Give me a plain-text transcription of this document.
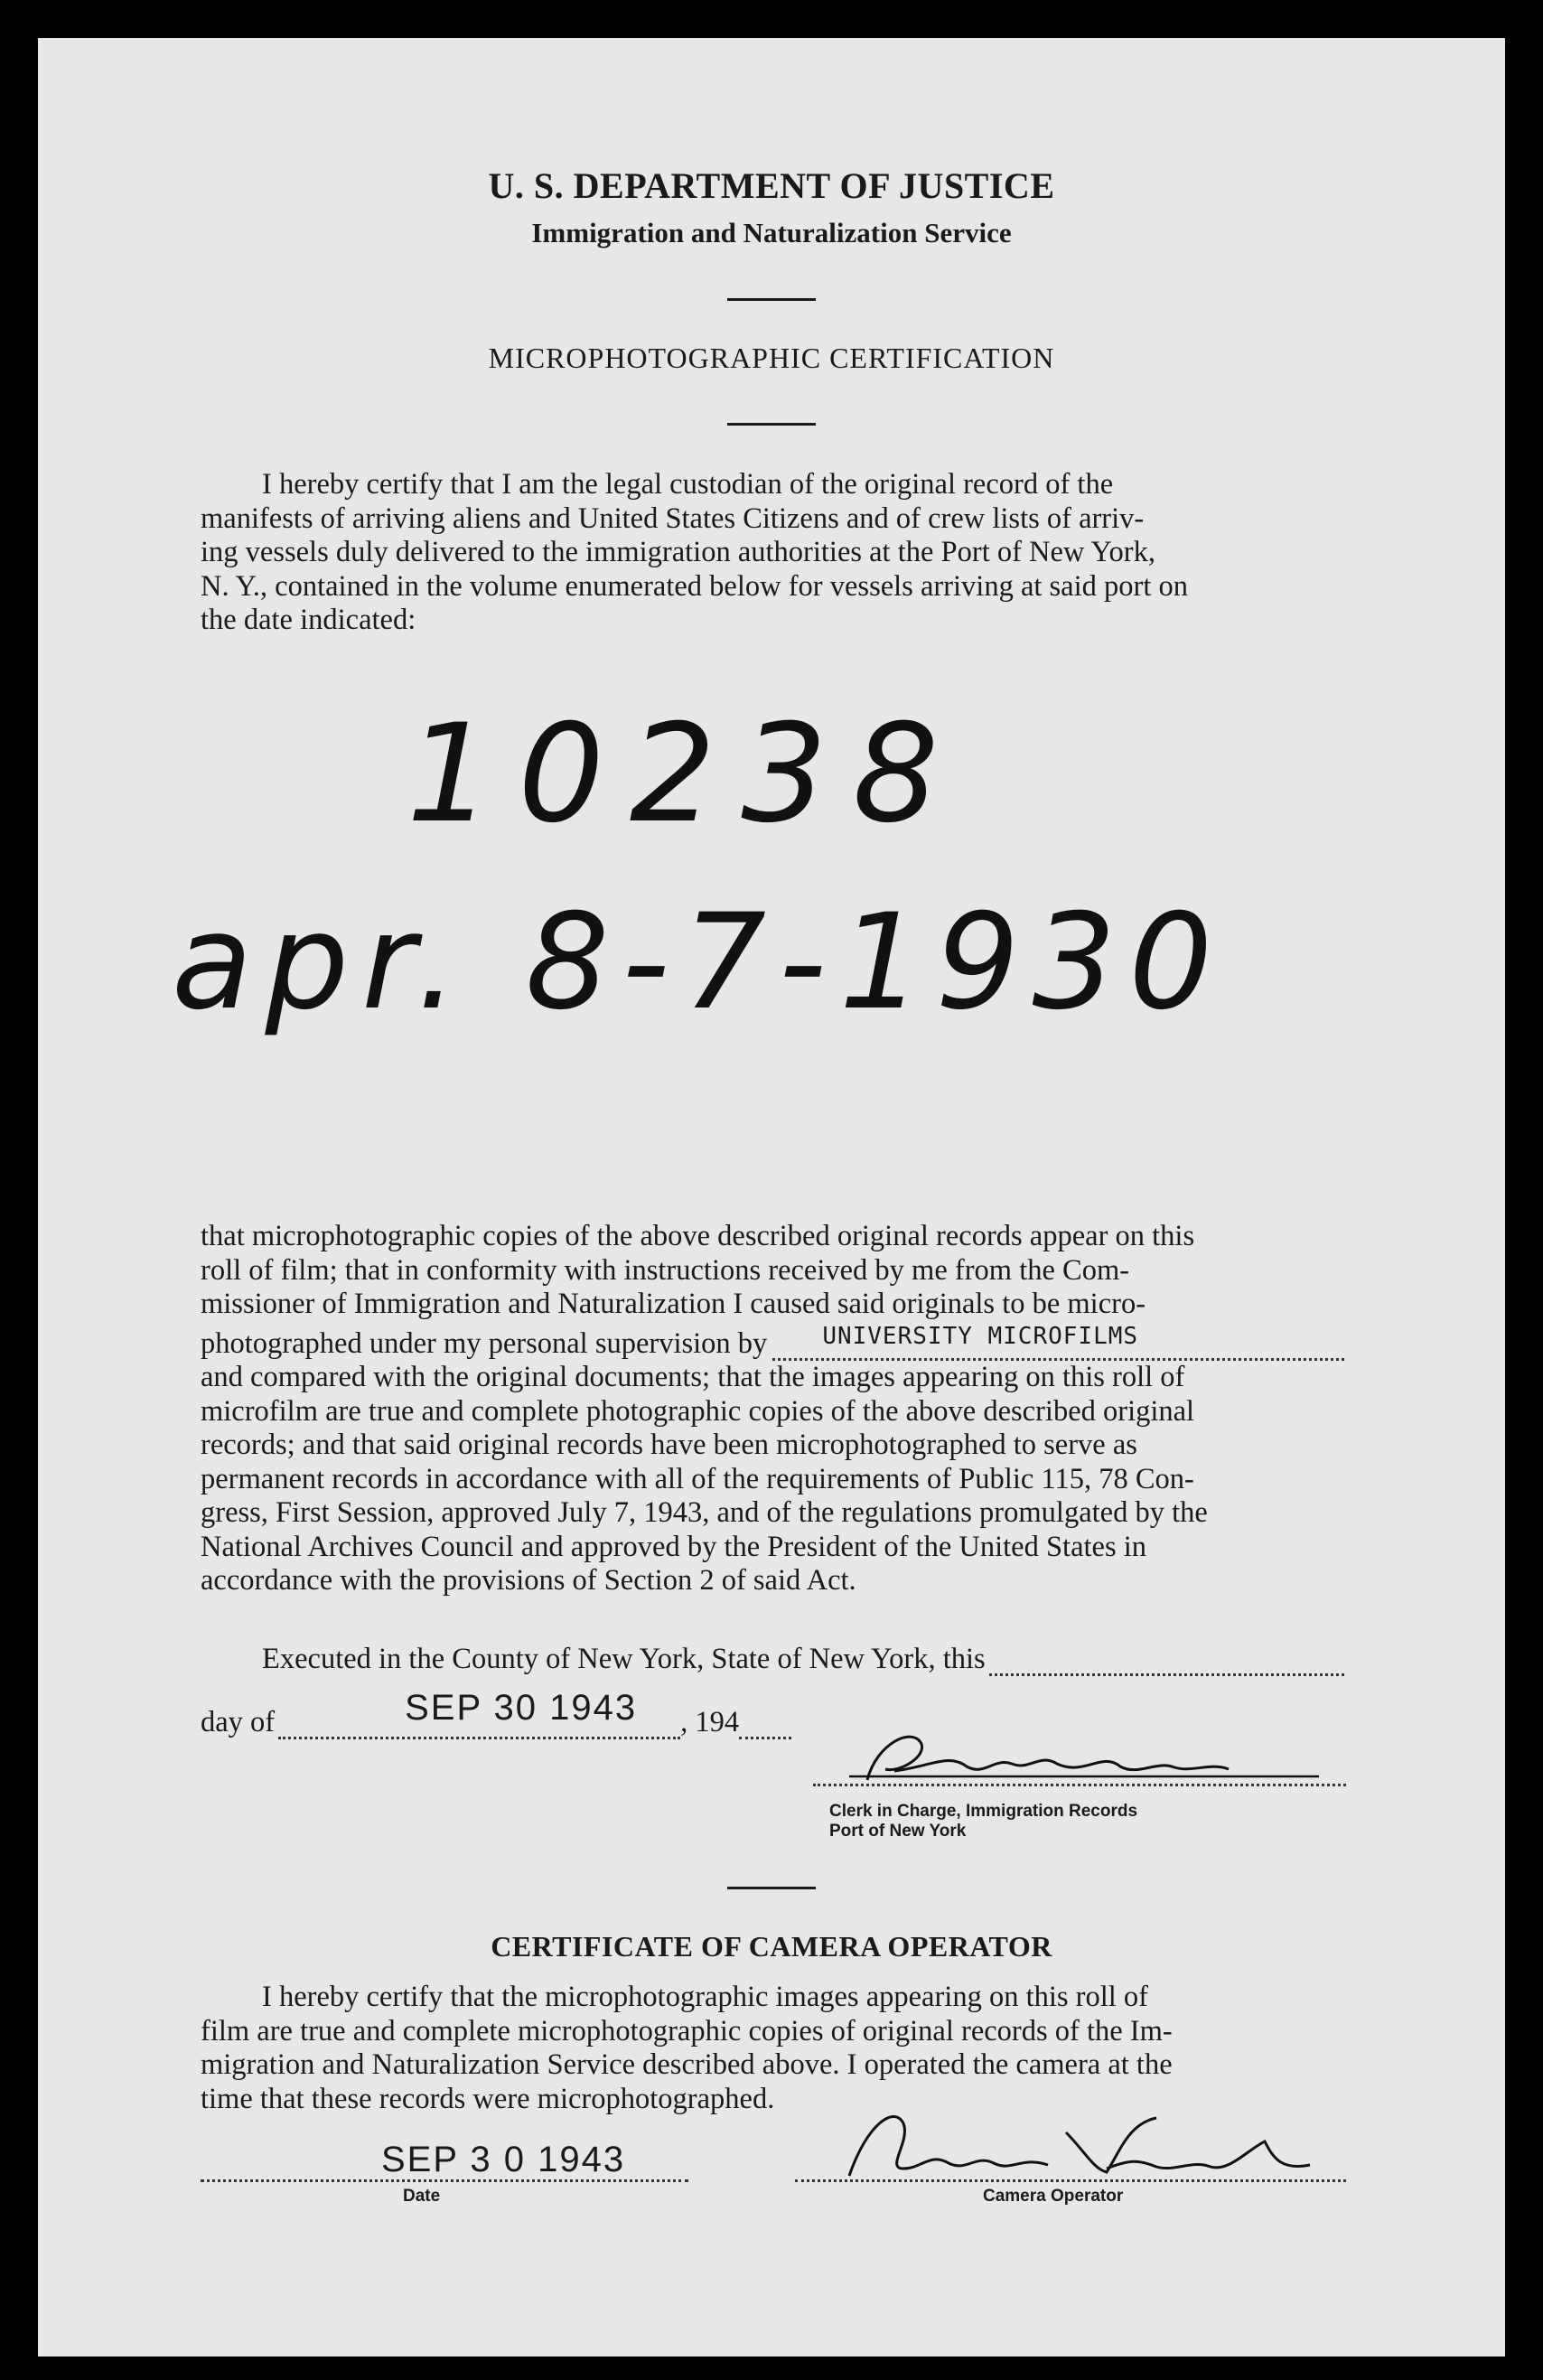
U. S. DEPARTMENT OF JUSTICE
Immigration and Naturalization Service
MICROPHOTOGRAPHIC CERTIFICATION

I hereby certify that I am the legal custodian of the original record of the

manifests of arriving aliens and United States Citizens and of crew lists of arriv-

ing vessels duly delivered to the immigration authorities at the Port of New York,

N. Y., contained in the volume enumerated below for vessels arriving at said port on

the date indicated:

10238
apr. 8-7-1930

that microphotographic copies of the above described original records appear on this

roll of film; that in conformity with instructions received by me from the Com-

missioner of Immigration and Naturalization I caused said originals to be micro-

photographed under my personal supervision by UNIVERSITY MICROFILMS

and compared with the original documents; that the images appearing on this roll of

microfilm are true and complete photographic copies of the above described original

records; and that said original records have been microphotographed to serve as

permanent records in accordance with all of the requirements of Public 115, 78 Con-

gress, First Session, approved July 7, 1943, and of the regulations promulgated by the

National Archives Council and approved by the President of the United States in

accordance with the provisions of Section 2 of said Act.

Executed in the County of New York, State of New York, this
day of	SEP 30 1943 , 194
Clerk in Charge, Immigration Records
Port of New York
CERTIFICATE OF CAMERA OPERATOR

I hereby certify that the microphotographic images appearing on this roll of

film are true and complete microphotographic copies of original records of the Im-

migration and Naturalization Service described above. I operated the camera at the

time that these records were microphotographed.

SEP 3 0 1943
Date	Camera Operator
